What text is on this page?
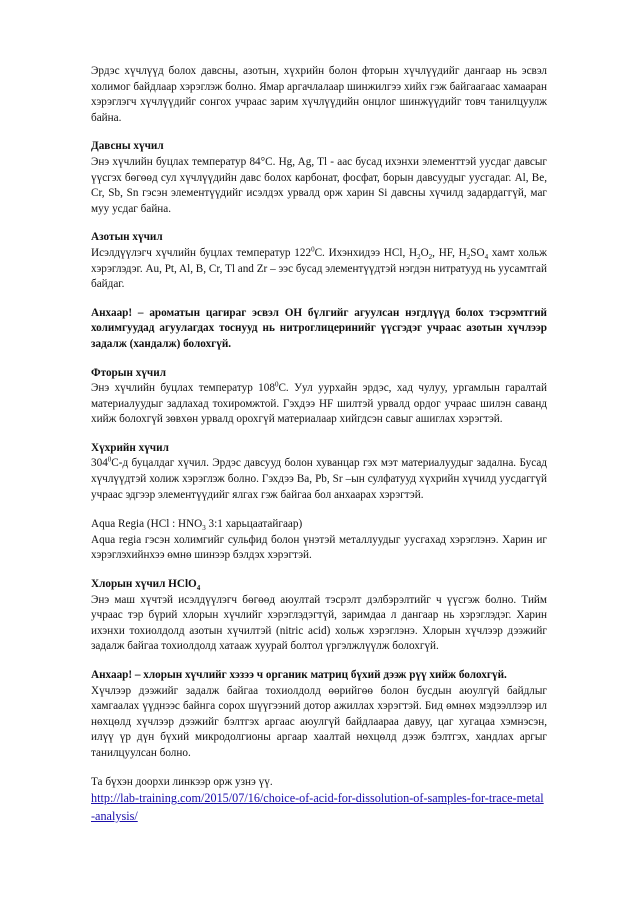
Эрдэс хүчлүүд болох давсны, азотын, хүхрийн болон фторын хүчлүүдийг дангаар нь эсвэл холимог байдлаар хэрэглэж болно. Ямар аргачлалаар шинжилгээ хийх гэж байгаагаас хамааран хэрэглэгч хүчлүүдийг сонгох учраас зарим хүчлүүдийн онцлог шинжүүдийг товч танилцуулж байна.

Давсны хүчил
Энэ хүчлийн буцлах температур 84°C. Hg, Ag, Tl - аас бусад ихэнхи элементтэй уусдаг давсыг үүсгэх бөгөөд сул хүчлүүдийн давс болох карбонат, фосфат, борын давсуудыг уусгадаг. Al, Be, Cr, Sb, Sn гэсэн элементүүдийг исэлдэх урвалд орж харин Si давсны хүчилд задардаггүй, маг муу усдаг байна.

Азотын хүчил
Исэлдүүлэгч хүчлийн буцлах температур $122^0C$. Ихэнхидээ HCl, $H_2O_2$, HF, $H_2SO_4$ хамт хольж хэрэглэдэг. Au, Pt, Al, B, Cr, Tl and Zr – ээс бусад элементүүдтэй нэгдэн нитратууд нь уусамтгай байдаг.

Анхаар! – ароматын цагираг эсвэл OH бүлгийг агуулсан нэгдлүүд болох тэсрэмтгий холимгуудад агуулагдах тоснууд нь нитроглицеринийг үүсгэдэг учраас азотын хүчлээр задалж (хандалж) болохгүй.

Фторын хүчил
Энэ хүчлийн буцлах температур $108^0C$. Уул уурхайн эрдэс, хад чулуу, ургамлын гаралтай материалуудыг задлахад тохиромжтой. Гэхдээ HF шилтэй урвалд ордог учраас шилэн саванд хийж болохгүй зөвхөн урвалд орохгүй материалаар хийгдсэн савыг ашиглах хэрэгтэй.

Хүхрийн хүчил
$304^0C-д$ буцалдаг хүчил. Эрдэс давсууд болон хуванцар гэх мэт материалуудыг задална. Бусад хүчлүүдтэй холиж хэрэглэж болно. Гэхдээ Ba, Pb, Sr –ын сулфатууд хүхрийн хүчилд уусдаггүй учраас эдгээр элементүүдийг ялгах гэж байгаа бол анхаарах хэрэгтэй.

Aqua Regia (HCl : $HNO_3$ 3:1 харьцаатайгаар)
Aqua regia гэсэн холимгийг сульфид болон үнэтэй металлуудыг уусгахад хэрэглэнэ. Харин иг хэрэглэхийнхээ өмнө шинээр бэлдэх хэрэгтэй.

Хлорын хүчил HClO$_4$
Энэ маш хүчтэй исэлдүүлэгч бөгөөд аюултай тэсрэлт дэлбэрэлтийг ч үүсгэж болно. Тийм учраас тэр бүрий хлорын хүчлийг хэрэглэдэгтүй, заримдаа л дангаар нь хэрэглэдэг. Харин ихэнхи тохиолдолд азотын хүчилтэй (nitric acid) хольж хэрэглэнэ. Хлорын хүчлээр дээжийг задалж байгаа тохиолдолд хатааж хуурай болтол үргэлжлүүлж болохгүй.

Анхаар! – хлорын хүчлийг хэзээ ч органик матриц бүхий дээж рүү хийж болохгүй.
Хүчлээр дээжийг задалж байгаа тохиолдолд өөрийгөө болон бусдын аюулгүй байдлыг хамгаалах үүднээс байнга сорох шүүгээний дотор ажиллах хэрэгтэй. Бид өмнөх мэдээллээр ил нөхцөлд хүчлээр дээжийг бэлтгэх аргаас аюулгүй байдлаараа давуу, цаг хугацаа хэмнэсэн, илүү үр дүн бүхий микродолгионы аргаар хаалтай нөхцөлд дээж бэлтгэх, хандлах аргыг танилцуулсан болно.

Та бүхэн доорхи линкээр орж узнэ үү.
http://lab-training.com/2015/07/16/choice-of-acid-for-dissolution-of-samples-for-trace-metal-analysis/
